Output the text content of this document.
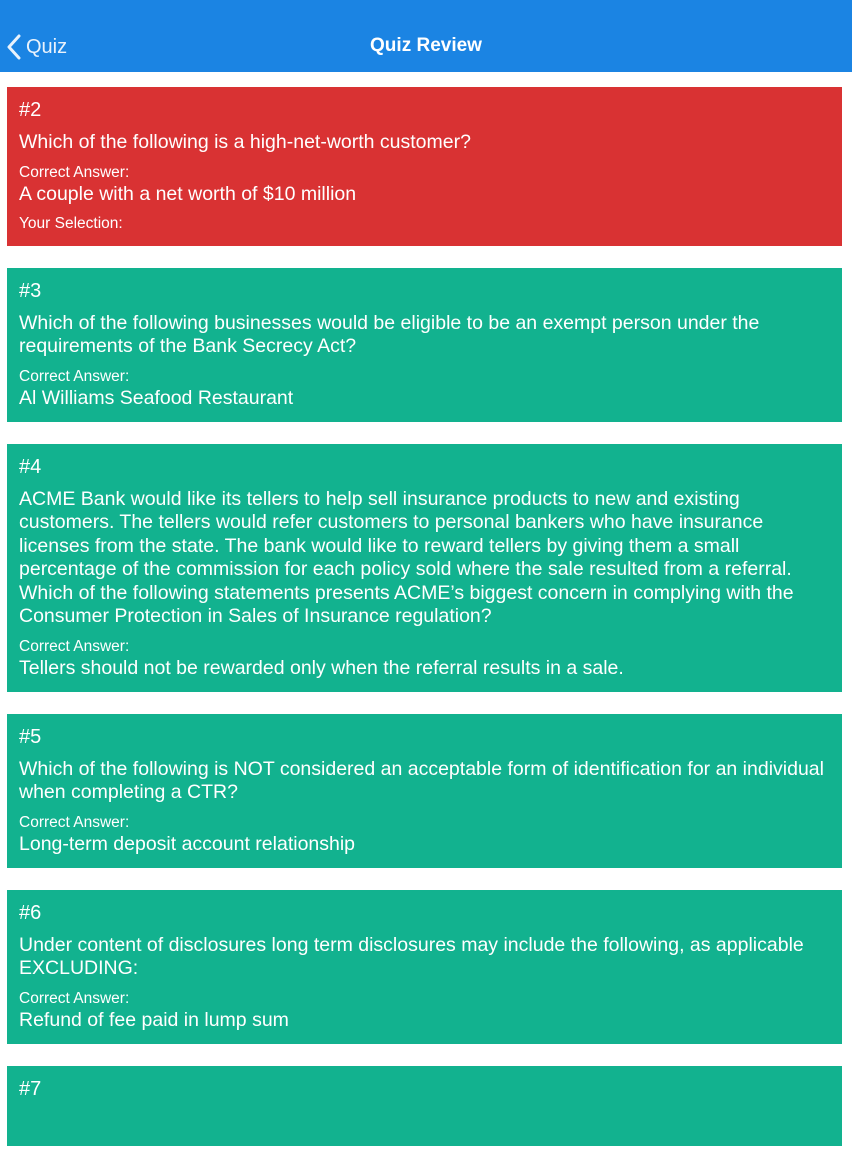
Quiz	Quiz Review
#2
Which of the following is a high-net-worth customer?
Correct Answer:
A couple with a net worth of $10 million
Your Selection:
#3
Which of the following businesses would be eligible to be an exempt person under the requirements of the Bank Secrecy Act?
Correct Answer:
Al Williams Seafood Restaurant
#4
ACME Bank would like its tellers to help sell insurance products to new and existing customers. The tellers would refer customers to personal bankers who have insurance licenses from the state. The bank would like to reward tellers by giving them a small percentage of the commission for each policy sold where the sale resulted from a referral. Which of the following statements presents ACME’s biggest concern in complying with the Consumer Protection in Sales of Insurance regulation?
Correct Answer:
Tellers should not be rewarded only when the referral results in a sale.
#5
Which of the following is NOT considered an acceptable form of identification for an individual when completing a CTR?
Correct Answer:
Long-term deposit account relationship
#6
Under content of disclosures long term disclosures may include the following, as applicable EXCLUDING:
Correct Answer:
Refund of fee paid in lump sum
#7
